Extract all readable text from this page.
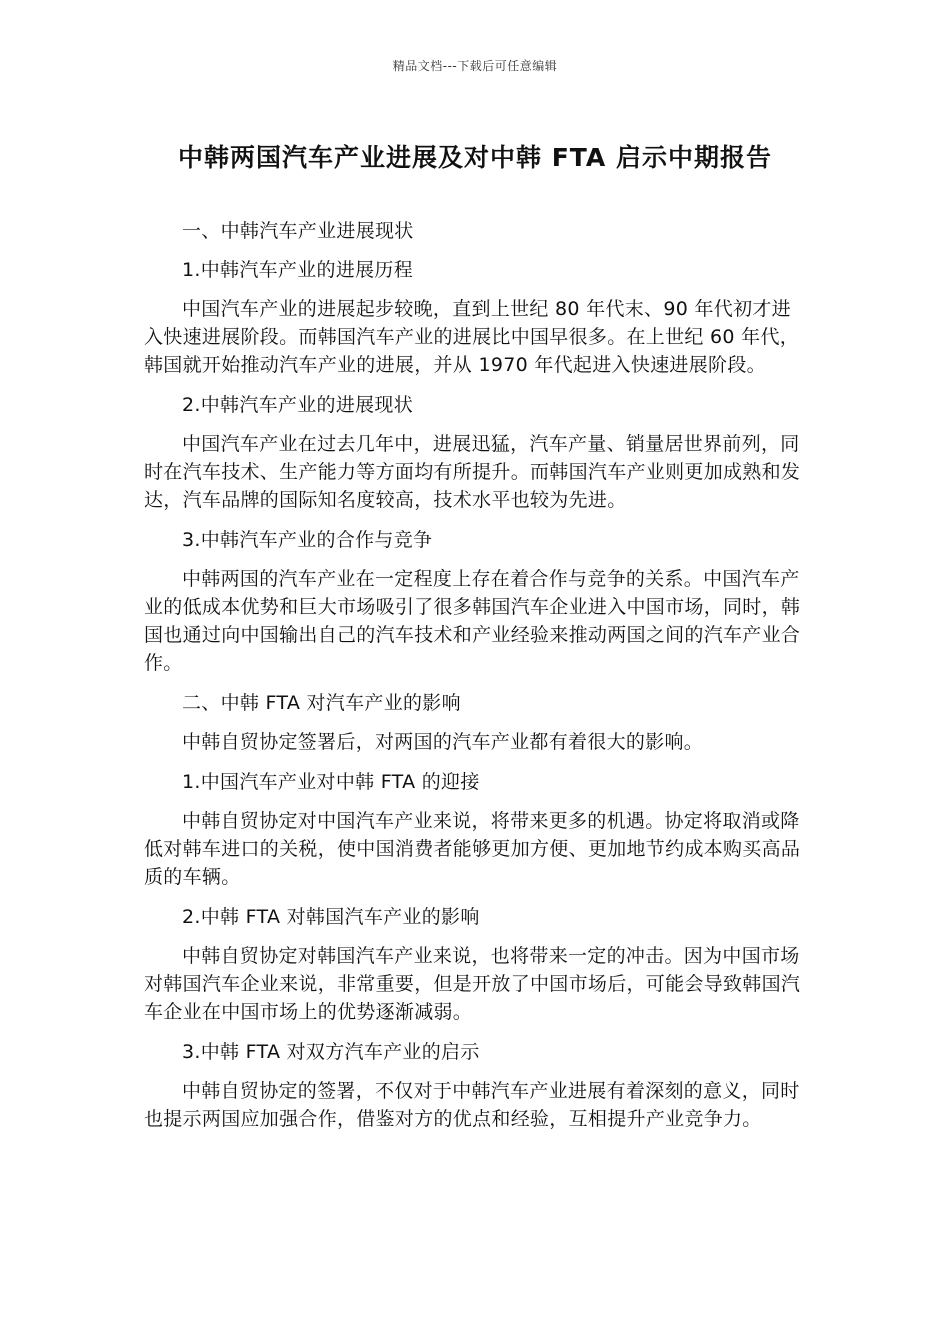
精品文档---下载后可任意编辑
中韩两国汽车产业进展及对中韩 FTA 启示中期报告

一、中韩汽车产业进展现状

1.中韩汽车产业的进展历程

中国汽车产业的进展起步较晚，直到上世纪 80 年代末、90 年代初才进入快速进展阶段。而韩国汽车产业的进展比中国早很多。在上世纪 60 年代，韩国就开始推动汽车产业的进展，并从 1970 年代起进入快速进展阶段。

2.中韩汽车产业的进展现状

中国汽车产业在过去几年中，进展迅猛，汽车产量、销量居世界前列，同时在汽车技术、生产能力等方面均有所提升。而韩国汽车产业则更加成熟和发达，汽车品牌的国际知名度较高，技术水平也较为先进。

3.中韩汽车产业的合作与竞争

中韩两国的汽车产业在一定程度上存在着合作与竞争的关系。中国汽车产业的低成本优势和巨大市场吸引了很多韩国汽车企业进入中国市场，同时，韩国也通过向中国输出自己的汽车技术和产业经验来推动两国之间的汽车产业合作。

二、中韩 FTA 对汽车产业的影响

中韩自贸协定签署后，对两国的汽车产业都有着很大的影响。

1.中国汽车产业对中韩 FTA 的迎接

中韩自贸协定对中国汽车产业来说，将带来更多的机遇。协定将取消或降低对韩车进口的关税，使中国消费者能够更加方便、更加地节约成本购买高品质的车辆。

2.中韩 FTA 对韩国汽车产业的影响

中韩自贸协定对韩国汽车产业来说，也将带来一定的冲击。因为中国市场对韩国汽车企业来说，非常重要，但是开放了中国市场后，可能会导致韩国汽车企业在中国市场上的优势逐渐减弱。

3.中韩 FTA 对双方汽车产业的启示

中韩自贸协定的签署，不仅对于中韩汽车产业进展有着深刻的意义，同时也提示两国应加强合作，借鉴对方的优点和经验，互相提升产业竞争力。
